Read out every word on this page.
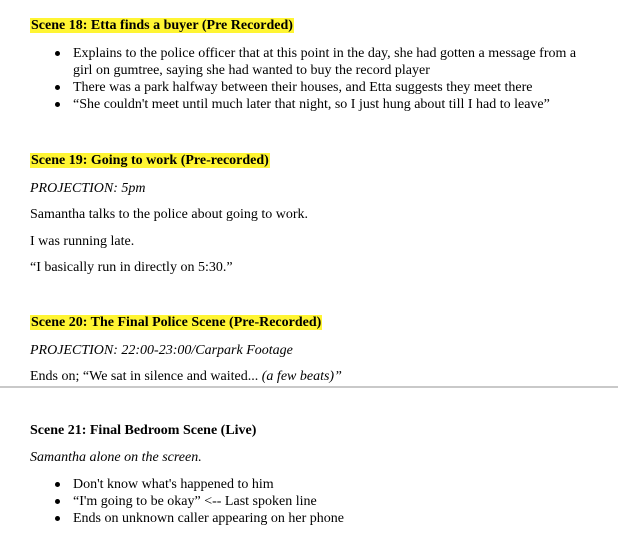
Scene 18: Etta finds a buyer (Pre Recorded)
Explains to the police officer that at this point in the day, she had gotten a message from a girl on gumtree, saying she had wanted to buy the record player
There was a park halfway between their houses, and Etta suggests they meet there
“She couldn't meet until much later that night, so I just hung about till I had to leave”
Scene 19: Going to work (Pre-recorded)
PROJECTION: 5pm
Samantha talks to the police about going to work.
I was running late.
“I basically run in directly on 5:30.”
Scene 20: The Final Police Scene (Pre-Recorded)
PROJECTION: 22:00-23:00/Carpark Footage
Ends on; “We sat in silence and waited... (a few beats)”
Scene 21: Final Bedroom Scene (Live)
Samantha alone on the screen.
Don't know what's happened to him
“I'm going to be okay” <-- Last spoken line
Ends on unknown caller appearing on her phone
